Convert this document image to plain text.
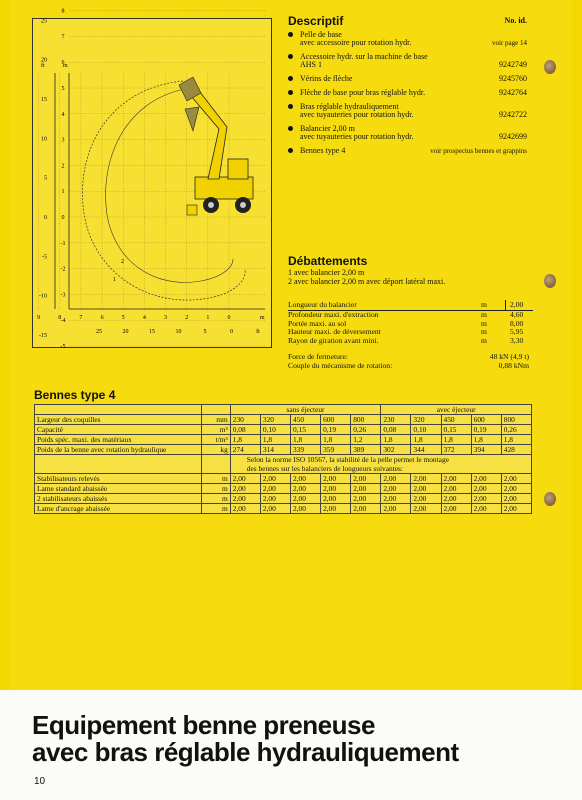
ft	m
8
7
6
5
4
3
2
1
0
-1
-2
-3
-4
-5
25
20
15
10
5
0
-5
-10
-15
9	8	7	6	5	4	3	2	1	0	m
25	20	15	10	5	0	ft
1
2
Descriptif	No. id.
Pelle de base
avec accessoire pour rotation hydr.	voir page 14
Accessoire hydr. sur la machine de base
AHS 1	9242749
Vérins de flèche	9245760
Flèche de base pour bras réglable hydr.	9242764
Bras réglable hydrauliquement
avec tuyauteries pour rotation hydr.	9242722
Balancier 2,00 m
avec tuyauteries pour rotation hydr.	9242699
Bennes type 4	voir prospectus bennes et grappins
Débattements
1 avec balancier 2,00 m
2 avec balancier 2,00 m avec déport latéral maxi.
Longueur du balancier	m	2,00
Profondeur maxi. d'extraction	m	4,60
Portée maxi. au sol	m	8,00
Hauteur maxi. de déversement	m	5,95
Rayon de giration avant mini.	m	3,30
Force de fermeture:	48 kN (4,9 t)
Couple du mécanisme de rotation:	0,88 kNm
Bennes type 4
		sans éjecteur					avec éjecteur				
Largeur des coquilles	mm	230	320	450	600	800	230	320	450	600	800
Capacité	m³	0,08	0,10	0,15	0,19	0,26	0,08	0,10	0,15	0,19	0,26
Poids spéc. maxi. des matériaux	t/m³	1,8	1,8	1,8	1,8	1,2	1,8	1,8	1,8	1,8	1,8
Poids de la benne avec rotation hydraulique	kg	274	314	339	359	389	302	344	372	394	428

		Selon la norme ISO 10567, la stabilité de la pelle permet le montage
des bennes sur les balanciers de longueurs suivantes:									

Stabilisateurs relevés	m	2,00	2,00	2,00	2,00	2,00	2,00	2,00	2,00	2,00	2,00
Lame standard abaissée	m	2,00	2,00	2,00	2,00	2,00	2,00	2,00	2,00	2,00	2,00
2 stabilisateurs abaissés	m	2,00	2,00	2,00	2,00	2,00	2,00	2,00	2,00	2,00	2,00
Lame d'ancrage abaissée	m	2,00	2,00	2,00	2,00	2,00	2,00	2,00	2,00	2,00	2,00
Equipement benne preneuse
avec bras réglable hydrauliquement
10
